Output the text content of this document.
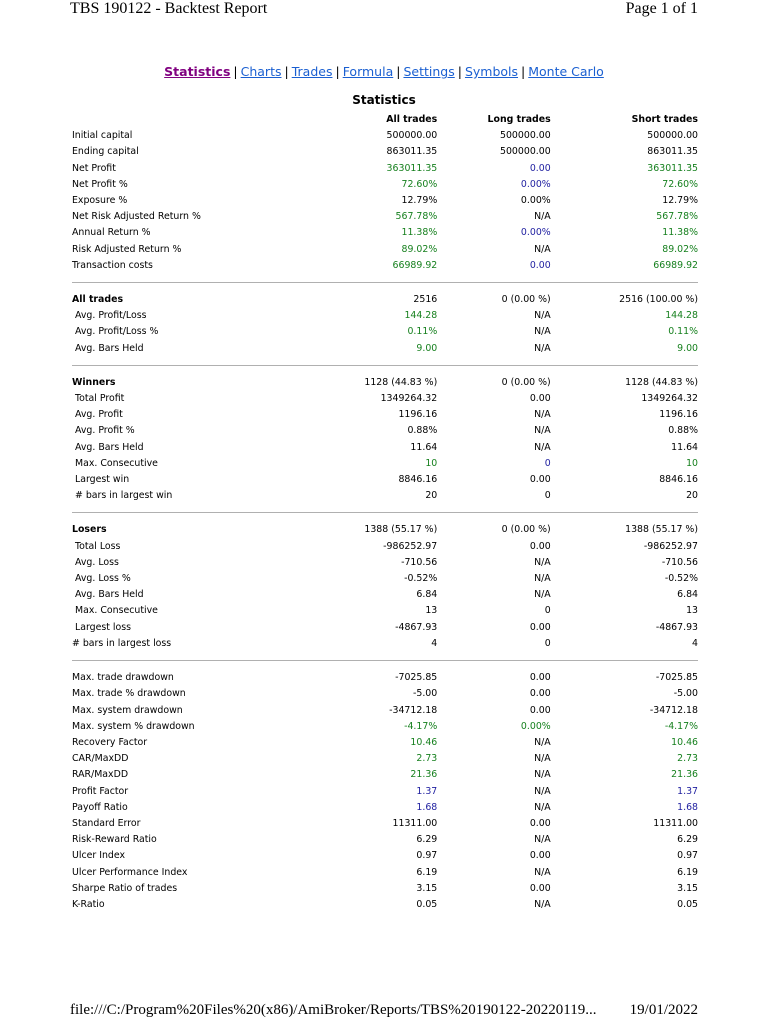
TBS 190122 - Backtest Report	Page 1 of 1
Statistics | Charts | Trades | Formula | Settings | Symbols | Monte Carlo
Statistics
	All trades	Long trades	Short trades
Initial capital	500000.00	500000.00	500000.00
Ending capital	863011.35	500000.00	863011.35
Net Profit	363011.35	0.00	363011.35
Net Profit %	72.60%	0.00%	72.60%
Exposure %	12.79%	0.00%	12.79%
Net Risk Adjusted Return %	567.78%	N/A	567.78%
Annual Return %	11.38%	0.00%	11.38%
Risk Adjusted Return %	89.02%	N/A	89.02%
Transaction costs	66989.92	0.00	66989.92

All trades	2516	0 (0.00 %)	2516 (100.00 %)
Avg. Profit/Loss	144.28	N/A	144.28
Avg. Profit/Loss %	0.11%	N/A	0.11%
Avg. Bars Held	9.00	N/A	9.00

Winners	1128 (44.83 %)	0 (0.00 %)	1128 (44.83 %)
Total Profit	1349264.32	0.00	1349264.32
Avg. Profit	1196.16	N/A	1196.16
Avg. Profit %	0.88%	N/A	0.88%
Avg. Bars Held	11.64	N/A	11.64
Max. Consecutive	10	0	10
Largest win	8846.16	0.00	8846.16
# bars in largest win	20	0	20

Losers	1388 (55.17 %)	0 (0.00 %)	1388 (55.17 %)
Total Loss	-986252.97	0.00	-986252.97
Avg. Loss	-710.56	N/A	-710.56
Avg. Loss %	-0.52%	N/A	-0.52%
Avg. Bars Held	6.84	N/A	6.84
Max. Consecutive	13	0	13
Largest loss	-4867.93	0.00	-4867.93
# bars in largest loss	4	0	4

Max. trade drawdown	-7025.85	0.00	-7025.85
Max. trade % drawdown	-5.00	0.00	-5.00
Max. system drawdown	-34712.18	0.00	-34712.18
Max. system % drawdown	-4.17%	0.00%	-4.17%
Recovery Factor	10.46	N/A	10.46
CAR/MaxDD	2.73	N/A	2.73
RAR/MaxDD	21.36	N/A	21.36
Profit Factor	1.37	N/A	1.37
Payoff Ratio	1.68	N/A	1.68
Standard Error	11311.00	0.00	11311.00
Risk-Reward Ratio	6.29	N/A	6.29
Ulcer Index	0.97	0.00	0.97
Ulcer Performance Index	6.19	N/A	6.19
Sharpe Ratio of trades	3.15	0.00	3.15
K-Ratio	0.05	N/A	0.05
file:///C:/Program%20Files%20(x86)/AmiBroker/Reports/TBS%20190122-20220119... 19/01/2022
